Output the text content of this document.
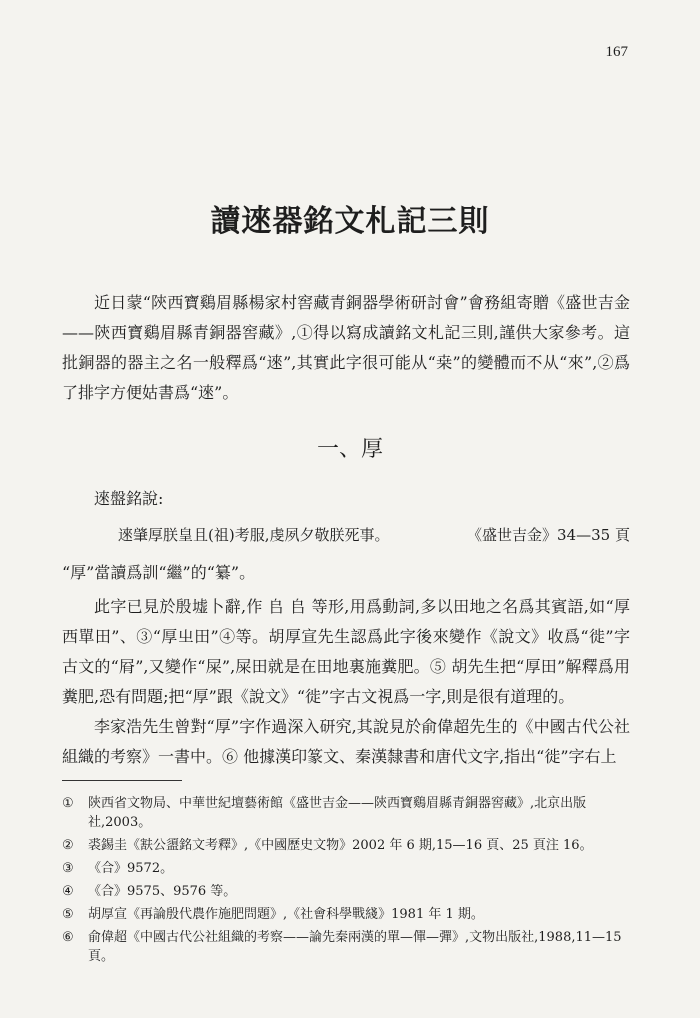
167
讀逨器銘文札記三則

近日蒙“陝西寶鷄眉縣楊家村窖藏青銅器學術研討會”會務組寄贈《盛世吉金——陝西寶鷄眉縣青銅器窖藏》,①得以寫成讀銘文札記三則,謹供大家參考。這批銅器的器主之名一般釋爲“逨”,其實此字很可能从“桒”的變體而不从“來”,②爲了排字方便姑書爲“逨”。

一、厚
逨盤銘說:
逨肇厚朕皇且(祖)考服,虔夙夕敬朕死事。	《盛世吉金》34—35 頁
“厚”當讀爲訓“繼”的“纂”。

此字已見於殷墟卜辭,作 𠂤 𠂤 等形,用爲動詞,多以田地之名爲其賓語,如“厚西單田”、③“厚㞢田”④等。胡厚宣先生認爲此字後來變作《說文》收爲“徙”字古文的“㞕”,又變作“屎”,屎田就是在田地裏施糞肥。⑤ 胡先生把“厚田”解釋爲用糞肥,恐有問題;把“厚”跟《說文》“徙”字古文視爲一字,則是很有道理的。

李家浩先生曾對“厚”字作過深入研究,其說見於俞偉超先生的《中國古代公社組織的考察》一書中。⑥ 他據漢印篆文、秦漢隸書和唐代文字,指出“徙”字右上

① 陝西省文物局、中華世紀壇藝術館《盛世吉金——陝西寶鷄眉縣青銅器窖藏》,北京出版社,2003。
② 裘錫圭《㝬公盨銘文考釋》,《中國歷史文物》2002 年 6 期,15—16 頁、25 頁注 16。
③ 《合》9572。
④ 《合》9575、9576 等。
⑤ 胡厚宣《再論殷代農作施肥問題》,《社會科學戰綫》1981 年 1 期。
⑥ 俞偉超《中國古代公社組織的考察——論先秦兩漢的單—僤—彈》,文物出版社,1988,11—15 頁。
